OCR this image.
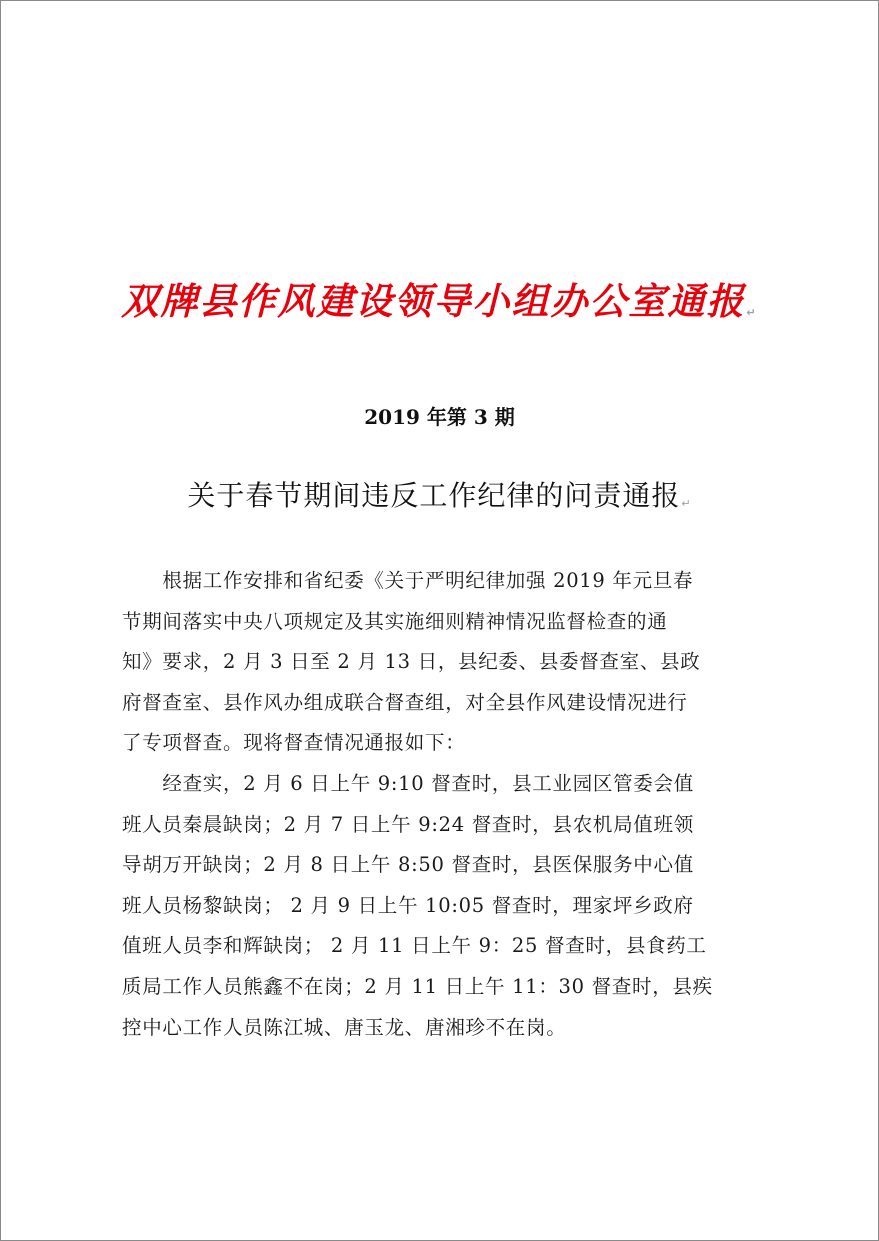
双牌县作风建设领导小组办公室通报↵
2019 年第 3 期
关于春节期间违反工作纪律的问责通报↵
　　根据工作安排和省纪委《关于严明纪律加强 2019 年元旦春
节期间落实中央八项规定及其实施细则精神情况监督检查的通
知》要求，2 月 3 日至 2 月 13 日，县纪委、县委督查室、县政
府督查室、县作风办组成联合督查组，对全县作风建设情况进行
了专项督查。现将督查情况通报如下：
　　经查实，2 月 6 日上午 9:10 督查时，县工业园区管委会值
班人员秦晨缺岗；2 月 7 日上午 9:24 督查时，县农机局值班领
导胡万开缺岗；2 月 8 日上午 8:50 督查时，县医保服务中心值
班人员杨黎缺岗； 2 月 9 日上午 10:05 督查时，理家坪乡政府
值班人员李和辉缺岗； 2 月 11 日上午 9：25 督查时，县食药工
质局工作人员熊鑫不在岗；2 月 11 日上午 11：30 督查时，县疾
控中心工作人员陈江城、唐玉龙、唐湘珍不在岗。
